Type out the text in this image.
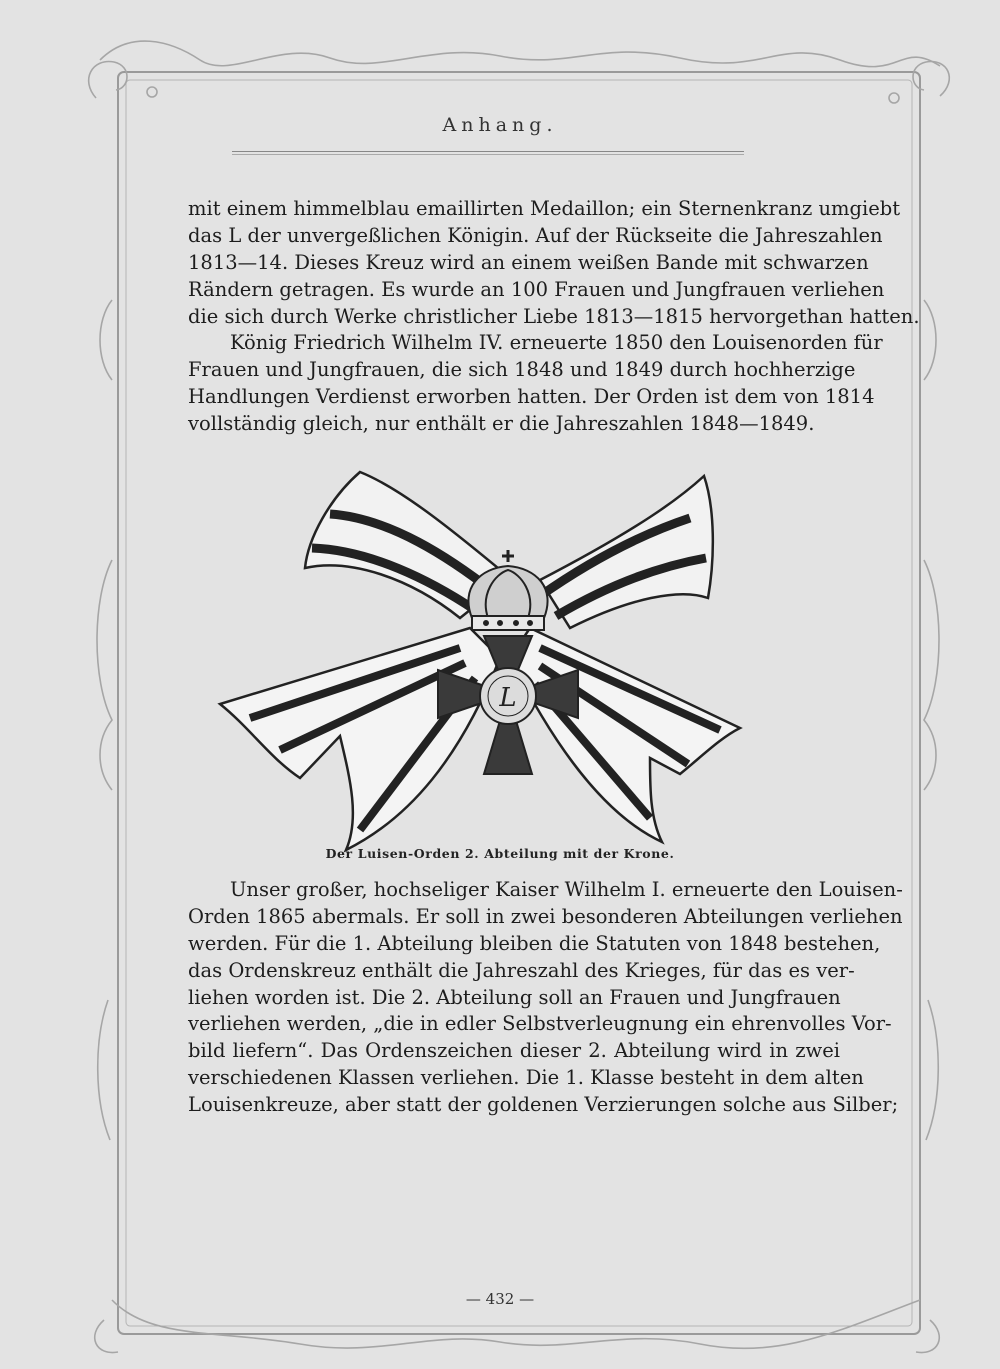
Anhang.
mit einem himmelblau emaillirten Medaillon; ein Sternenkranz umgiebt
das L der unvergeßlichen Königin. Auf der Rückseite die Jahreszahlen
1813—14. Dieses Kreuz wird an einem weißen Bande mit schwarzen
Rändern getragen. Es wurde an 100 Frauen und Jungfrauen verliehen
die sich durch Werke christlicher Liebe 1813—1815 hervorgethan hatten.
König Friedrich Wilhelm IV. erneuerte 1850 den Louisenorden für
Frauen und Jungfrauen, die sich 1848 und 1849 durch hochherzige
Handlungen Verdienst erworben hatten. Der Orden ist dem von 1814
vollständig gleich, nur enthält er die Jahreszahlen 1848—1849.
L
Der Luisen-Orden 2. Abteilung mit der Krone.
Unser großer, hochseliger Kaiser Wilhelm I. erneuerte den Louisen-
Orden 1865 abermals. Er soll in zwei besonderen Abteilungen verliehen
werden. Für die 1. Abteilung bleiben die Statuten von 1848 bestehen,
das Ordenskreuz enthält die Jahreszahl des Krieges, für das es ver-
liehen worden ist. Die 2. Abteilung soll an Frauen und Jungfrauen
verliehen werden, „die in edler Selbstverleugnung ein ehrenvolles Vor-
bild liefern“. Das Ordenszeichen dieser 2. Abteilung wird in zwei
verschiedenen Klassen verliehen. Die 1. Klasse besteht in dem alten
Louisenkreuze, aber statt der goldenen Verzierungen solche aus Silber;
— 432 —
